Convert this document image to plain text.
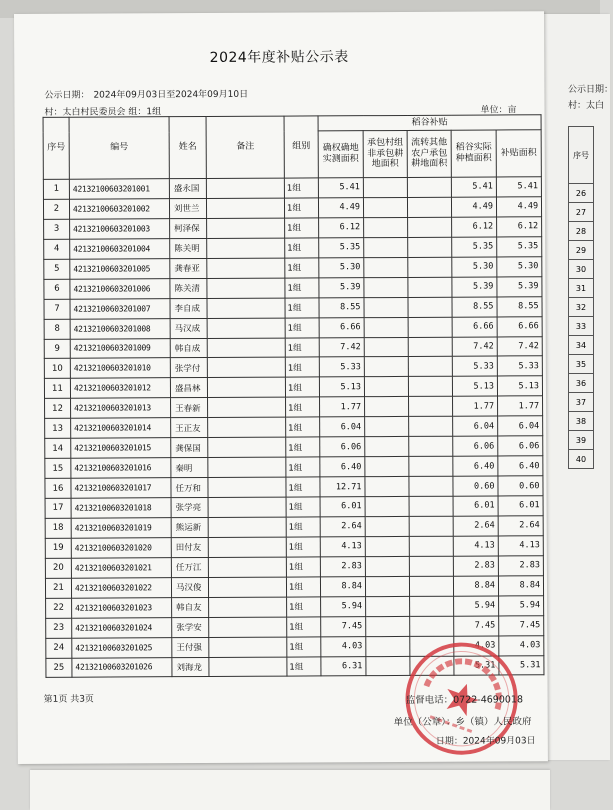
公示日期：
村：太白
序号
26
27
28
29
30
31
32
33
34
35
36
37
38
39
40
2024年度补贴公示表
公示日期： 2024年09月03日至2024年09月10日
村：太白村民委员会 组：1组	单位：亩
序号	编号	姓名	备注	组别	稻谷补贴				
					确权确地实测面积	承包村组非承包耕地面积	流转其他农户承包耕地面积	稻谷实际种植面积	补贴面积
1	42132100603201001	盛永国		1组	5.41			5.41	5.41
2	42132100603201002	刘世兰		1组	4.49			4.49	4.49
3	42132100603201003	柯泽保		1组	6.12			6.12	6.12
4	42132100603201004	陈关明		1组	5.35			5.35	5.35
5	42132100603201005	龚春亚		1组	5.30			5.30	5.30
6	42132100603201006	陈关清		1组	5.39			5.39	5.39
7	42132100603201007	李自成		1组	8.55			8.55	8.55
8	42132100603201008	马汉成		1组	6.66			6.66	6.66
9	42132100603201009	韩自成		1组	7.42			7.42	7.42
10	42132100603201010	张学付		1组	5.33			5.33	5.33
11	42132100603201012	盛昌林		1组	5.13			5.13	5.13
12	42132100603201013	王春新		1组	1.77			1.77	1.77
13	42132100603201014	王正友		1组	6.04			6.04	6.04
14	42132100603201015	龚保国		1组	6.06			6.06	6.06
15	42132100603201016	秦明		1组	6.40			6.40	6.40
16	42132100603201017	任万和		1组	12.71			0.60	0.60
17	42132100603201018	张学亮		1组	6.01			6.01	6.01
18	42132100603201019	熊运新		1组	2.64			2.64	2.64
19	42132100603201020	田付友		1组	4.13			4.13	4.13
20	42132100603201021	任万江		1组	2.83			2.83	2.83
21	42132100603201022	马汉俊		1组	8.84			8.84	8.84
22	42132100603201023	韩自友		1组	5.94			5.94	5.94
23	42132100603201024	张学安		1组	7.45			7.45	7.45
24	42132100603201025	王付强		1组	4.03			4.03	4.03
25	42132100603201026	刘海龙		1组	6.31			5.31	5.31
第1页 共3页	监督电话：0722-4690018
单位（公章）：乡（镇）人民政府
日期：2024年09月03日
